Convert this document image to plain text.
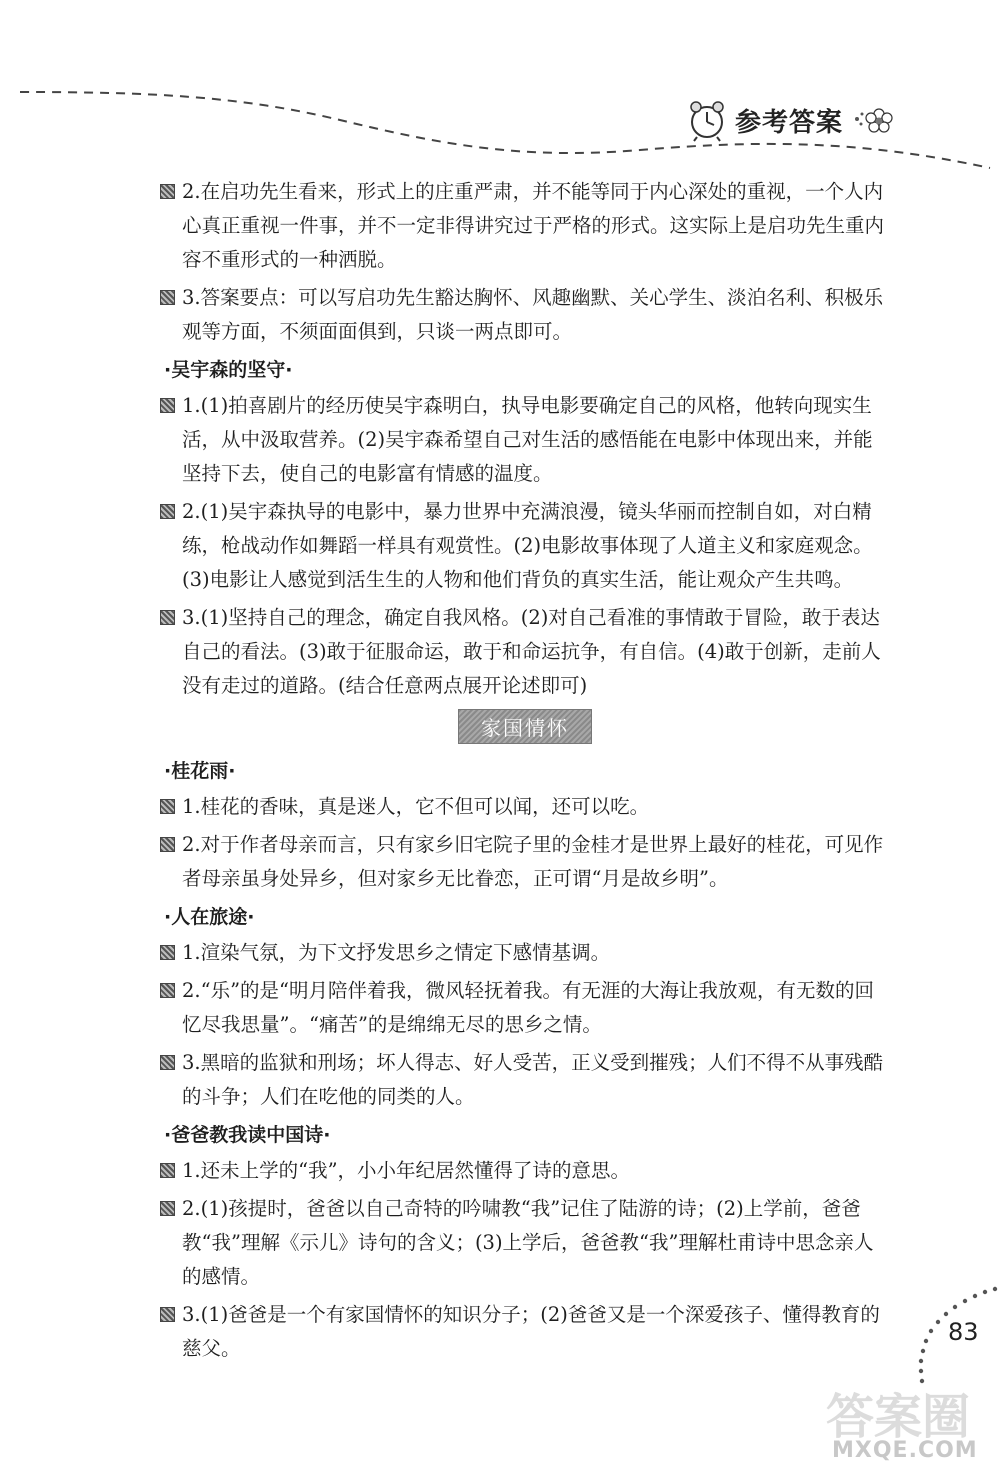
参考答案
2.在启功先生看来，形式上的庄重严肃，并不能等同于内心深处的重视，一个人内心真正重视一件事，并不一定非得讲究过于严格的形式。这实际上是启功先生重内容不重形式的一种洒脱。
3.答案要点：可以写启功先生豁达胸怀、风趣幽默、关心学生、淡泊名利、积极乐观等方面，不须面面俱到，只谈一两点即可。
·吴宇森的坚守·
1.(1)拍喜剧片的经历使吴宇森明白，执导电影要确定自己的风格，他转向现实生活，从中汲取营养。(2)吴宇森希望自己对生活的感悟能在电影中体现出来，并能坚持下去，使自己的电影富有情感的温度。
2.(1)吴宇森执导的电影中，暴力世界中充满浪漫，镜头华丽而控制自如，对白精练，枪战动作如舞蹈一样具有观赏性。(2)电影故事体现了人道主义和家庭观念。(3)电影让人感觉到活生生的人物和他们背负的真实生活，能让观众产生共鸣。
3.(1)坚持自己的理念，确定自我风格。(2)对自己看准的事情敢于冒险，敢于表达自己的看法。(3)敢于征服命运，敢于和命运抗争，有自信。(4)敢于创新，走前人没有走过的道路。(结合任意两点展开论述即可)
家国情怀
·桂花雨·
1.桂花的香味，真是迷人，它不但可以闻，还可以吃。
2.对于作者母亲而言，只有家乡旧宅院子里的金桂才是世界上最好的桂花，可见作者母亲虽身处异乡，但对家乡无比眷恋，正可谓“月是故乡明”。
·人在旅途·
1.渲染气氛，为下文抒发思乡之情定下感情基调。
2.“乐”的是“明月陪伴着我，微风轻抚着我。有无涯的大海让我放观，有无数的回忆尽我思量”。“痛苦”的是绵绵无尽的思乡之情。
3.黑暗的监狱和刑场；坏人得志、好人受苦，正义受到摧残；人们不得不从事残酷的斗争；人们在吃他的同类的人。
·爸爸教我读中国诗·
1.还未上学的“我”，小小年纪居然懂得了诗的意思。
2.(1)孩提时，爸爸以自己奇特的吟啸教“我”记住了陆游的诗；(2)上学前，爸爸教“我”理解《示儿》诗句的含义；(3)上学后，爸爸教“我”理解杜甫诗中思念亲人的感情。
3.(1)爸爸是一个有家国情怀的知识分子；(2)爸爸又是一个深爱孩子、懂得教育的慈父。
83
答案圈
MXQE.COM
